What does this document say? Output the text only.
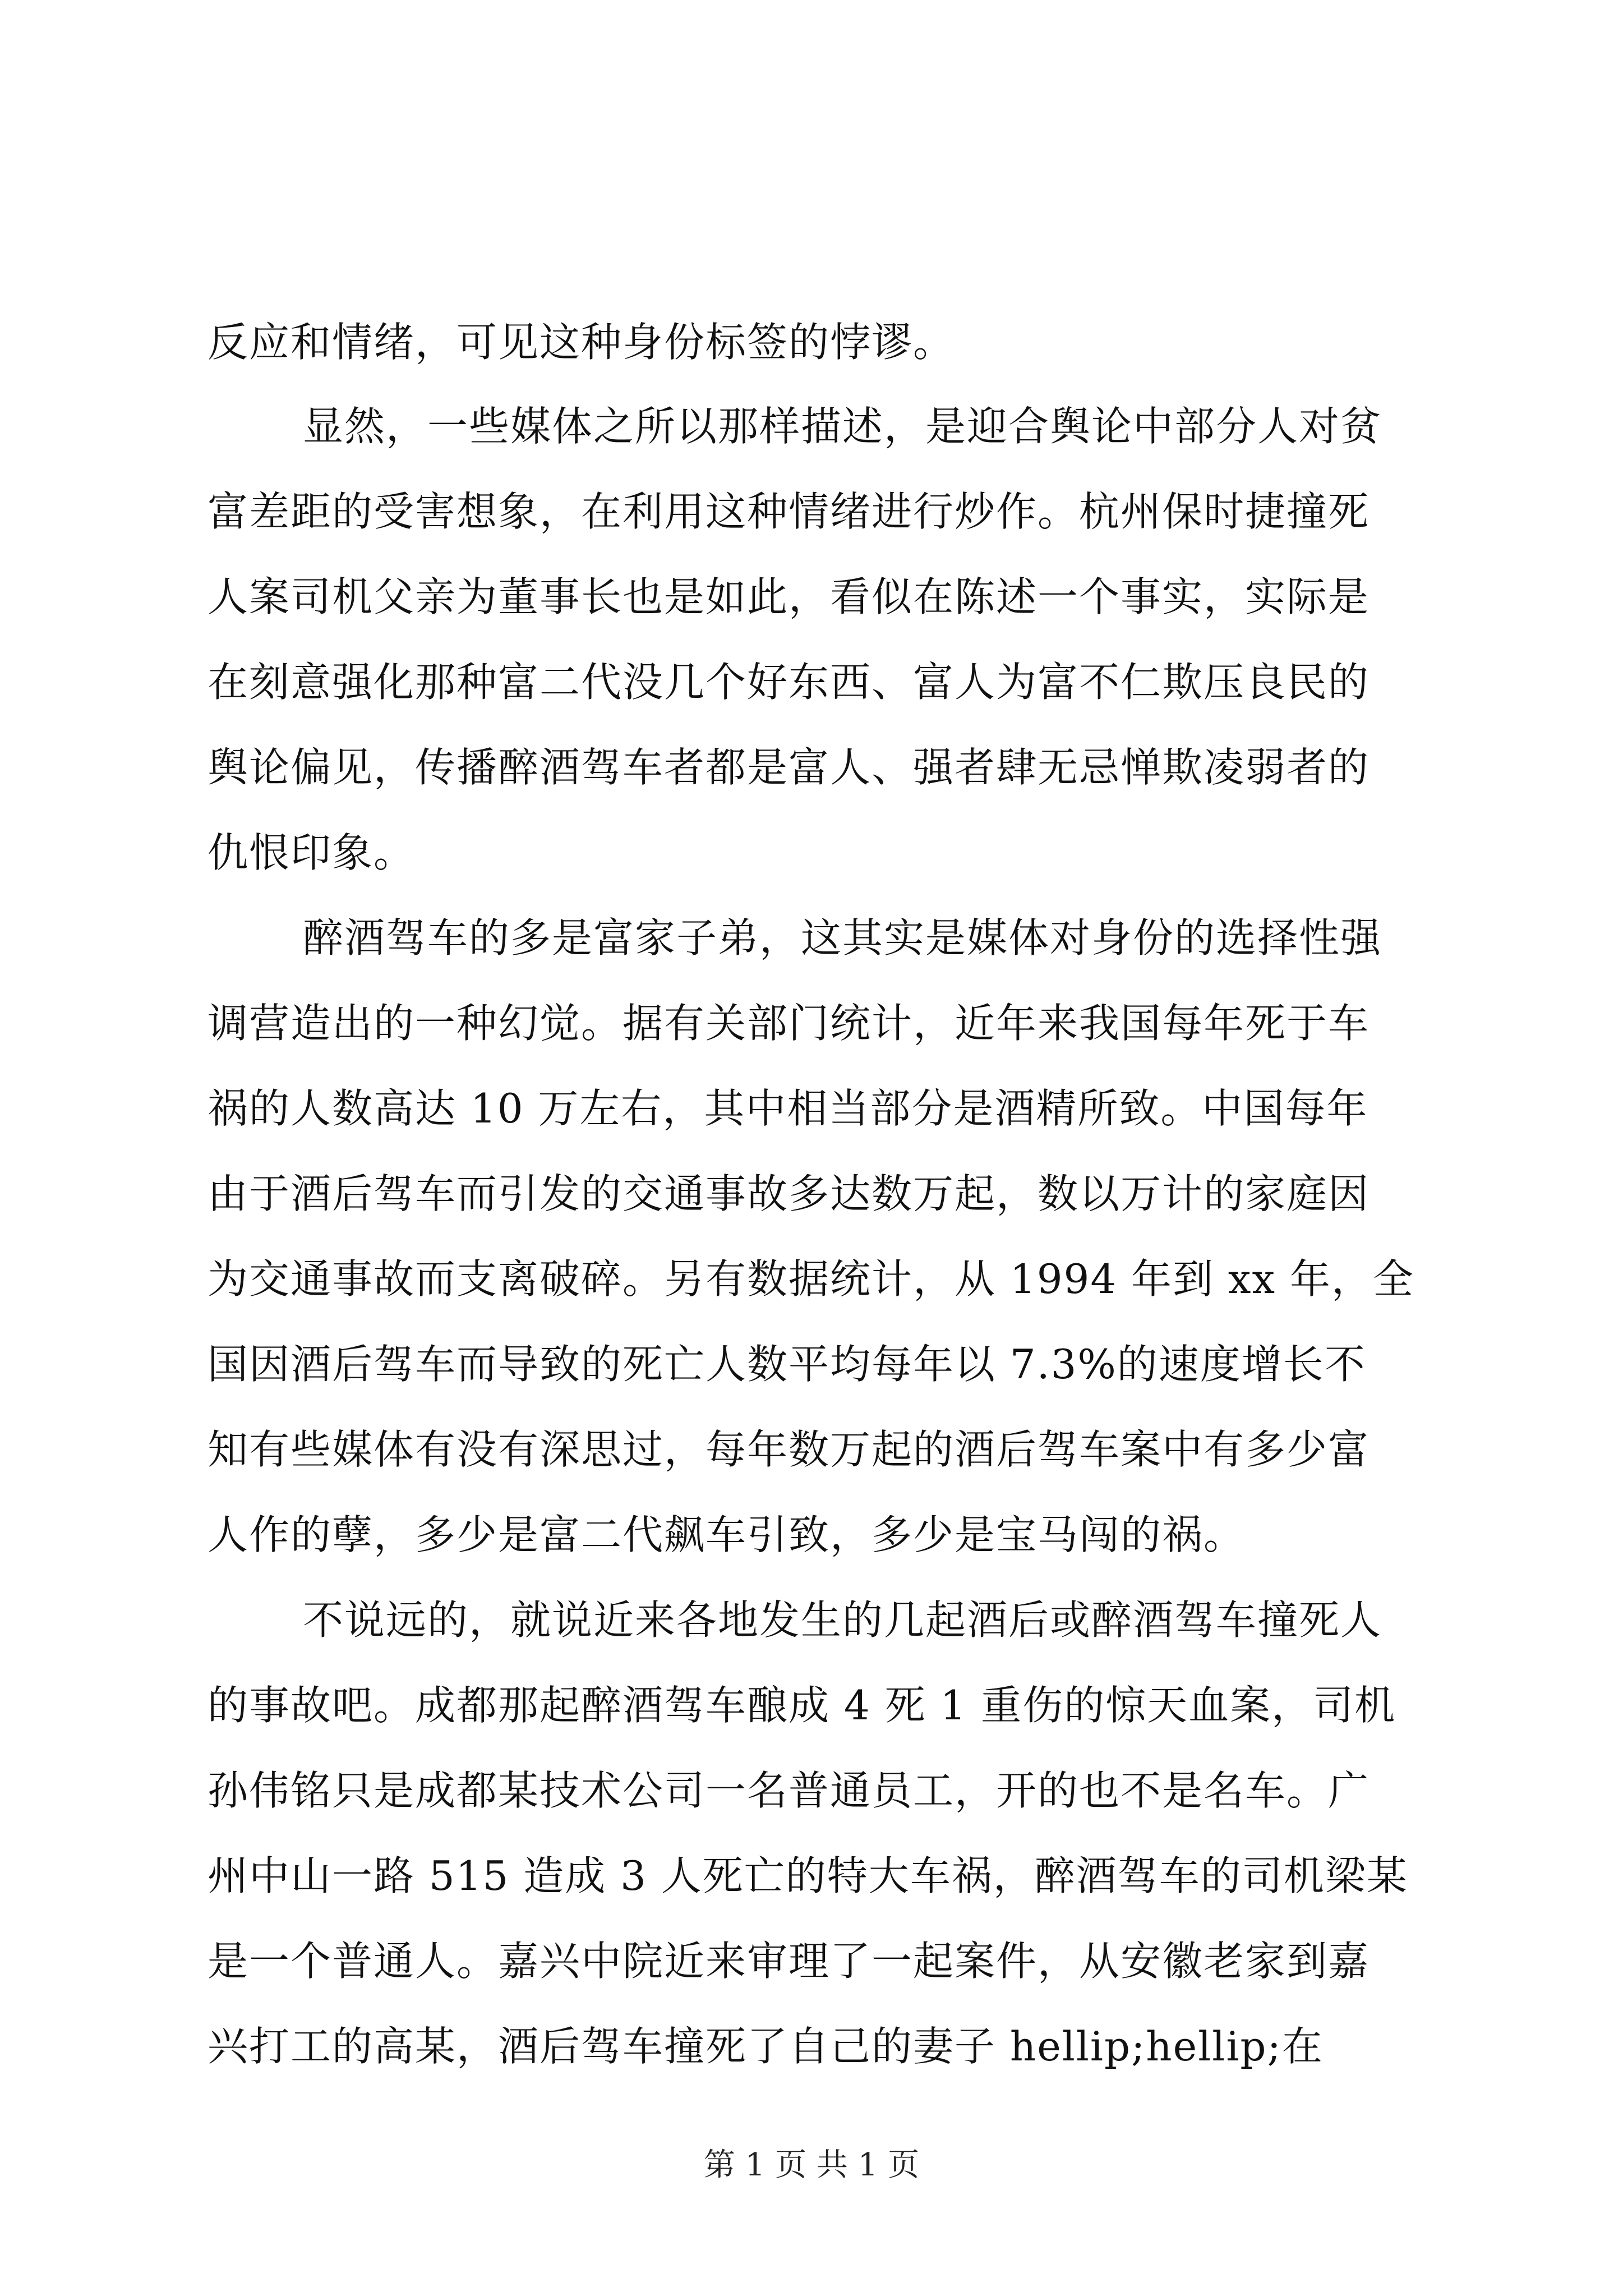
反应和情绪，可见这种身份标签的悖谬。
显然，一些媒体之所以那样描述，是迎合舆论中部分人对贫
富差距的受害想象，在利用这种情绪进行炒作。杭州保时捷撞死
人案司机父亲为董事长也是如此，看似在陈述一个事实，实际是
在刻意强化那种富二代没几个好东西、富人为富不仁欺压良民的
舆论偏见，传播醉酒驾车者都是富人、强者肆无忌惮欺凌弱者的
仇恨印象。
醉酒驾车的多是富家子弟，这其实是媒体对身份的选择性强
调营造出的一种幻觉。据有关部门统计，近年来我国每年死于车
祸的人数高达 10 万左右，其中相当部分是酒精所致。中国每年
由于酒后驾车而引发的交通事故多达数万起，数以万计的家庭因
为交通事故而支离破碎。另有数据统计，从 1994 年到 xx 年，全
国因酒后驾车而导致的死亡人数平均每年以 7.3%的速度增长不
知有些媒体有没有深思过，每年数万起的酒后驾车案中有多少富
人作的孽，多少是富二代飙车引致，多少是宝马闯的祸。
不说远的，就说近来各地发生的几起酒后或醉酒驾车撞死人
的事故吧。成都那起醉酒驾车酿成 4 死 1 重伤的惊天血案，司机
孙伟铭只是成都某技术公司一名普通员工，开的也不是名车。广
州中山一路 515 造成 3 人死亡的特大车祸，醉酒驾车的司机梁某
是一个普通人。嘉兴中院近来审理了一起案件，从安徽老家到嘉
兴打工的高某，酒后驾车撞死了自己的妻子 hellip;hellip;在
第 1 页 共 1 页
